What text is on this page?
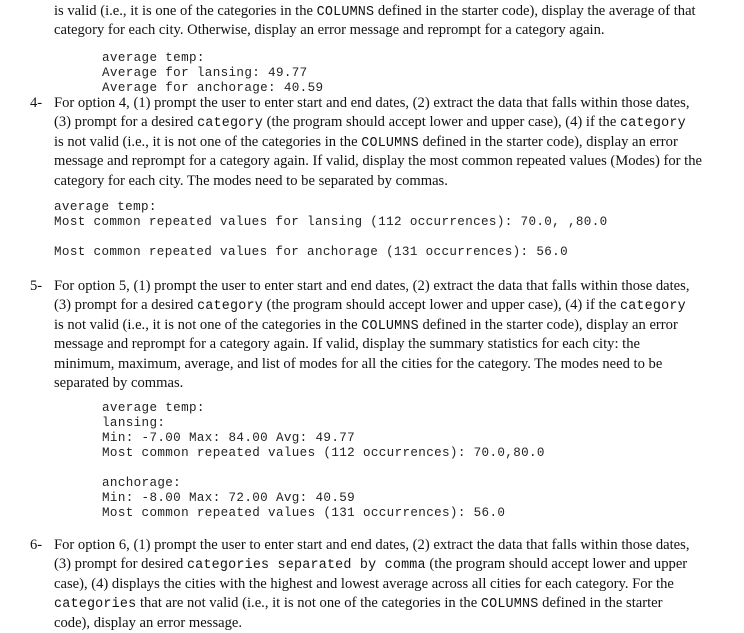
is valid (i.e., it is one of the categories in the COLUMNS defined in the starter code), display the average of that
category for each city. Otherwise, display an error message and reprompt for a category again.
average temp:
Average for lansing: 49.77
Average for anchorage: 40.59
4- For option 4, (1) prompt the user to enter start and end dates, (2) extract the data that falls within those dates,
(3) prompt for a desired category (the program should accept lower and upper case), (4) if the category
is not valid (i.e., it is not one of the categories in the COLUMNS defined in the starter code), display an error
message and reprompt for a category again. If valid, display the most common repeated values (Modes) for the
category for each city. The modes need to be separated by commas.
average temp:
Most common repeated values for lansing (112 occurrences): 70.0, ,80.0
Most common repeated values for anchorage (131 occurrences): 56.0
5- For option 5, (1) prompt the user to enter start and end dates, (2) extract the data that falls within those dates,
(3) prompt for a desired category (the program should accept lower and upper case), (4) if the category
is not valid (i.e., it is not one of the categories in the COLUMNS defined in the starter code), display an error
message and reprompt for a category again. If valid, display the summary statistics for each city: the
minimum, maximum, average, and list of modes for all the cities for the category. The modes need to be
separated by commas.
average temp:
lansing:
Min: -7.00 Max: 84.00 Avg: 49.77
Most common repeated values (112 occurrences): 70.0,80.0
anchorage:
Min: -8.00 Max: 72.00 Avg: 40.59
Most common repeated values (131 occurrences): 56.0
6- For option 6, (1) prompt the user to enter start and end dates, (2) extract the data that falls within those dates,
(3) prompt for desired categories separated by comma (the program should accept lower and upper
case), (4) displays the cities with the highest and lowest average across all cities for each category. For the
categories that are not valid (i.e., it is not one of the categories in the COLUMNS defined in the starter
code), display an error message.
